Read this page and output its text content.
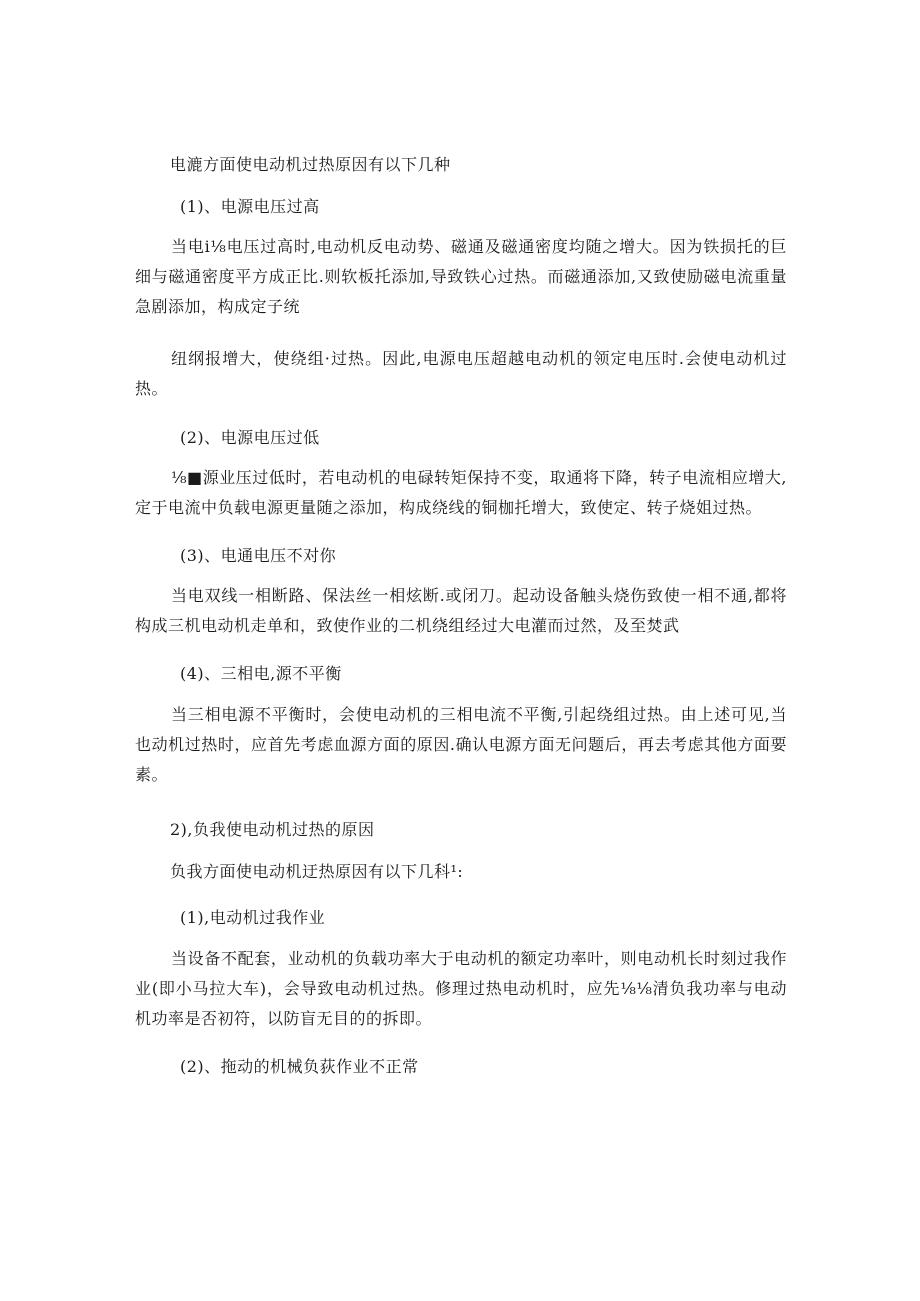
电漉方面使电动机过热原因有以下几种
(1)、电源电压过高
当电i⅛电压过高时,电动机反电动势、磁通及磁通密度均随之增大。因为铁损托的巨细与磁通密度平方成正比.则软板托添加,导致铁心过热。而磁通添加,又致使励磁电流重量急剧添加，构成定子统
纽纲报增大，使绕组·过热。因此,电源电压超越电动机的领定电压时.会使电动机过热。
(2)、电源电压过低
⅛■源业压过低时，若电动机的电碌转矩保持不变，取通将下降，转子电流相应增大,定于电流中负载电源更量随之添加，构成绕线的铜枷托增大，致使定、转子烧姐过热。
(3)、电通电压不对你
当电双线一相断路、保法丝一相炫断.或闭刀。起动设备触头烧伤致使一相不通,都将构成三机电动机走单和，致使作业的二机绕组经过大电灌而过然，及至焚武
(4)、三相电,源不平衡
当三相电源不平衡时，会使电动机的三相电流不平衡,引起绕组过热。由上述可见,当也动机过热时，应首先考虑血源方面的原因.确认电源方面无问题后，再去考虑其他方面要素。
2),负我使电动机过热的原因
负我方面使电动机迂热原因有以下几科¹:
(1),电动机过我作业
当设备不配套，业动机的负载功率大于电动机的额定功率叶，则电动机长时刻过我作业(即小马拉大车)，会导致电动机过热。修理过热电动机时，应先⅛⅛清负我功率与电动机功率是否初符，以防盲无目的的拆即。
(2)、拖动的机械负荻作业不正常
